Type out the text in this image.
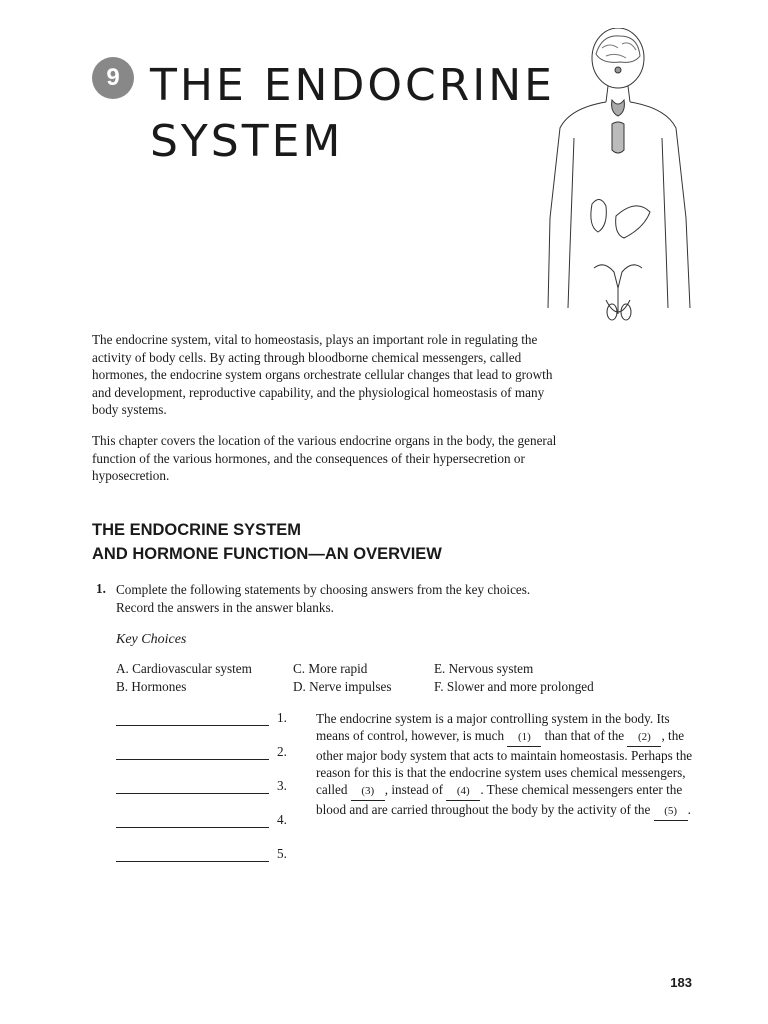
9 THE ENDOCRINE
SYSTEM

The endocrine system, vital to homeostasis, plays an important role in regulating the activity of body cells. By acting through bloodborne chemical messengers, called hormones, the endocrine system organs orchestrate cellular changes that lead to growth and development, reproductive capability, and the physiological homeostasis of many body systems.

This chapter covers the location of the various endocrine organs in the body, the general function of the various hormones, and the consequences of their hypersecretion or hyposecretion.

THE ENDOCRINE SYSTEM
AND HORMONE FUNCTION—AN OVERVIEW
1. Complete the following statements by choosing answers from the key choices. Record the answers in the answer blanks.
Key Choices
A. Cardiovascular system
B. Hormones
C. More rapid
D. Nerve impulses
E. Nervous system
F. Slower and more prolonged
1.
2.
3.
4.
5.

The endocrine system is a major controlling system in the body. Its means of control, however, is much (1) than that of the (2) , the other major body system that acts to maintain homeostasis. Perhaps the reason for this is that the endocrine system uses chemical messengers, called (3) , instead of (4) . These chemical messengers enter the blood and are carried throughout the body by the activity of the (5) .

183
